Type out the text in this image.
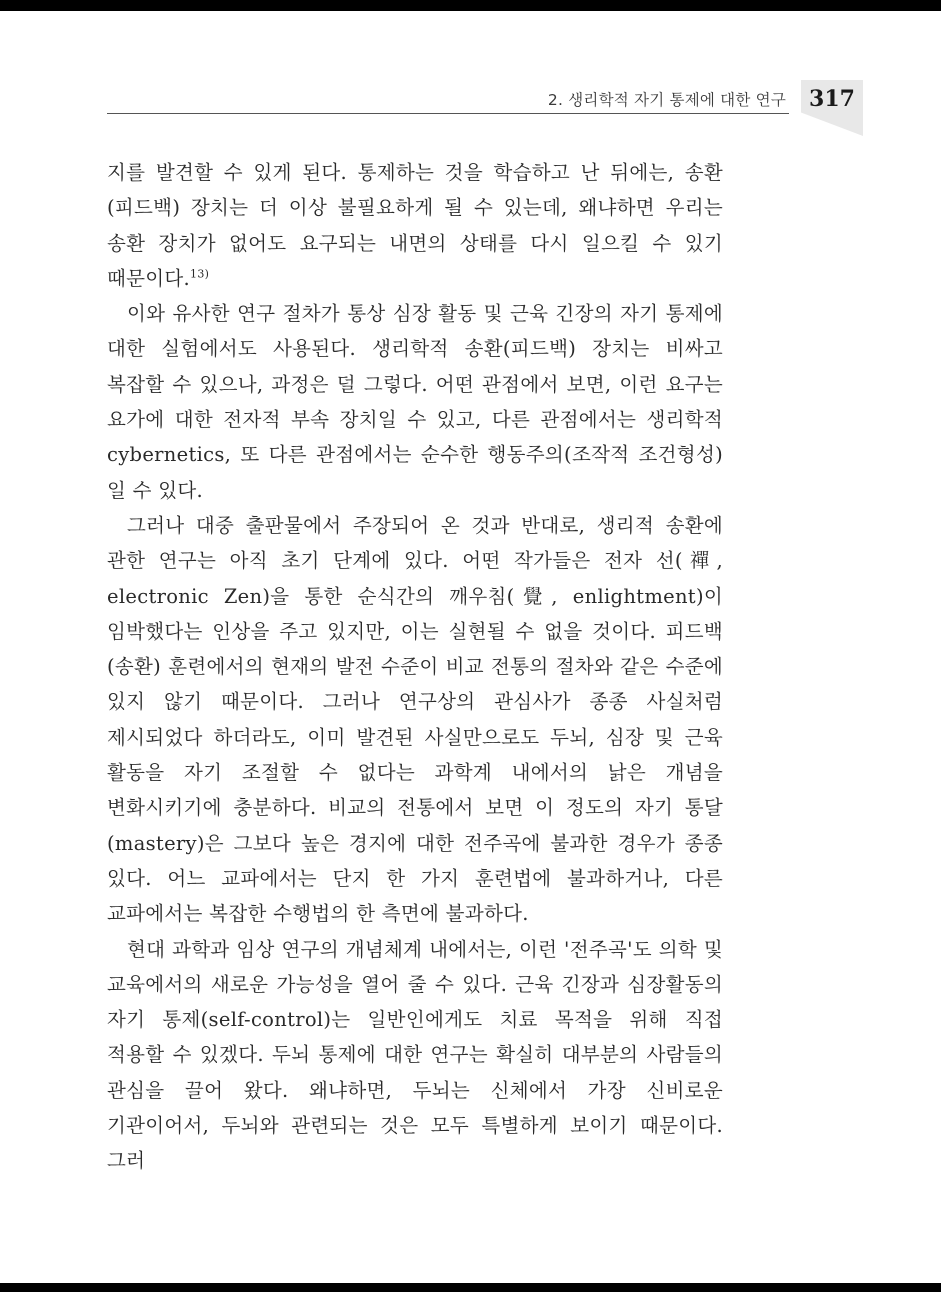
2. 생리학적 자기 통제에 대한 연구	317

지를 발견할 수 있게 된다. 통제하는 것을 학습하고 난 뒤에는, 송환(피드백) 장치는 더 이상 불필요하게 될 수 있는데, 왜냐하면 우리는 송환 장치가 없어도 요구되는 내면의 상태를 다시 일으킬 수 있기 때문이다.$^{13)}$

이와 유사한 연구 절차가 통상 심장 활동 및 근육 긴장의 자기 통제에 대한 실험에서도 사용된다. 생리학적 송환(피드백) 장치는 비싸고 복잡할 수 있으나, 과정은 덜 그렇다. 어떤 관점에서 보면, 이런 요구는 요가에 대한 전자적 부속 장치일 수 있고, 다른 관점에서는 생리학적 cybernetics, 또 다른 관점에서는 순수한 행동주의(조작적 조건형성)일 수 있다.

그러나 대중 출판물에서 주장되어 온 것과 반대로, 생리적 송환에 관한 연구는 아직 초기 단계에 있다. 어떤 작가들은 전자 선(禪, electronic Zen)을 통한 순식간의 깨우침(覺, enlightment)이 임박했다는 인상을 주고 있지만, 이는 실현될 수 없을 것이다. 피드백(송환) 훈련에서의 현재의 발전 수준이 비교 전통의 절차와 같은 수준에 있지 않기 때문이다. 그러나 연구상의 관심사가 종종 사실처럼 제시되었다 하더라도, 이미 발견된 사실만으로도 두뇌, 심장 및 근육 활동을 자기 조절할 수 없다는 과학계 내에서의 낡은 개념을 변화시키기에 충분하다. 비교의 전통에서 보면 이 정도의 자기 통달(mastery)은 그보다 높은 경지에 대한 전주곡에 불과한 경우가 종종 있다. 어느 교파에서는 단지 한 가지 훈련법에 불과하거나, 다른 교파에서는 복잡한 수행법의 한 측면에 불과하다.

현대 과학과 임상 연구의 개념체계 내에서는, 이런 '전주곡'도 의학 및 교육에서의 새로운 가능성을 열어 줄 수 있다. 근육 긴장과 심장활동의 자기 통제(self-control)는 일반인에게도 치료 목적을 위해 직접 적용할 수 있겠다. 두뇌 통제에 대한 연구는 확실히 대부분의 사람들의 관심을 끌어 왔다. 왜냐하면, 두뇌는 신체에서 가장 신비로운 기관이어서, 두뇌와 관련되는 것은 모두 특별하게 보이기 때문이다. 그러
